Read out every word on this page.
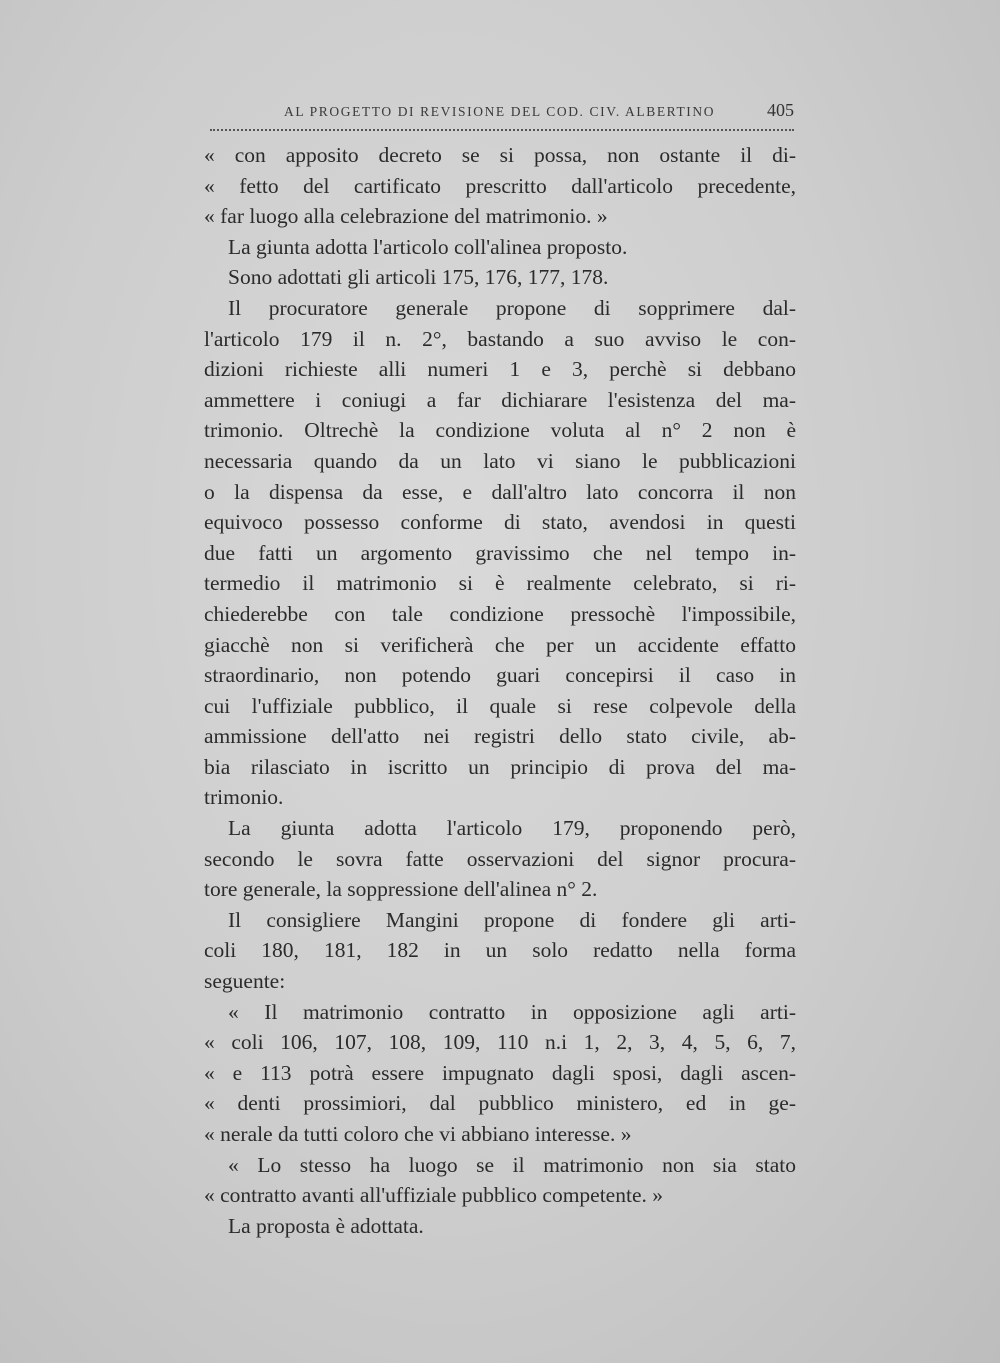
AL PROGETTO DI REVISIONE DEL COD. CIV. ALBERTINO	405
« con apposito decreto se si possa, non ostante il di-
« fetto del cartificato prescritto dall'articolo precedente,
« far luogo alla celebrazione del matrimonio. »
La giunta adotta l'articolo coll'alinea proposto.
Sono adottati gli articoli 175, 176, 177, 178.
Il procuratore generale propone di sopprimere dal-
l'articolo 179 il n. 2°, bastando a suo avviso le con-
dizioni richieste alli numeri 1 e 3, perchè si debbano
ammettere i coniugi a far dichiarare l'esistenza del ma-
trimonio. Oltrechè la condizione voluta al n° 2 non è
necessaria quando da un lato vi siano le pubblicazioni
o la dispensa da esse, e dall'altro lato concorra il non
equivoco possesso conforme di stato, avendosi in questi
due fatti un argomento gravissimo che nel tempo in-
termedio il matrimonio si è realmente celebrato, si ri-
chiederebbe con tale condizione pressochè l'impossibile,
giacchè non si verificherà che per un accidente effatto
straordinario, non potendo guari concepirsi il caso in
cui l'uffiziale pubblico, il quale si rese colpevole della
ammissione dell'atto nei registri dello stato civile, ab-
bia rilasciato in iscritto un principio di prova del ma-
trimonio.
La giunta adotta l'articolo 179, proponendo però,
secondo le sovra fatte osservazioni del signor procura-
tore generale, la soppressione dell'alinea n° 2.
Il consigliere Mangini propone di fondere gli arti-
coli 180, 181, 182 in un solo redatto nella forma
seguente:
« Il matrimonio contratto in opposizione agli arti-
« coli 106, 107, 108, 109, 110 n.i 1, 2, 3, 4, 5, 6, 7,
« e 113 potrà essere impugnato dagli sposi, dagli ascen-
« denti prossimiori, dal pubblico ministero, ed in ge-
« nerale da tutti coloro che vi abbiano interesse. »
« Lo stesso ha luogo se il matrimonio non sia stato
« contratto avanti all'uffiziale pubblico competente. »
La proposta è adottata.
